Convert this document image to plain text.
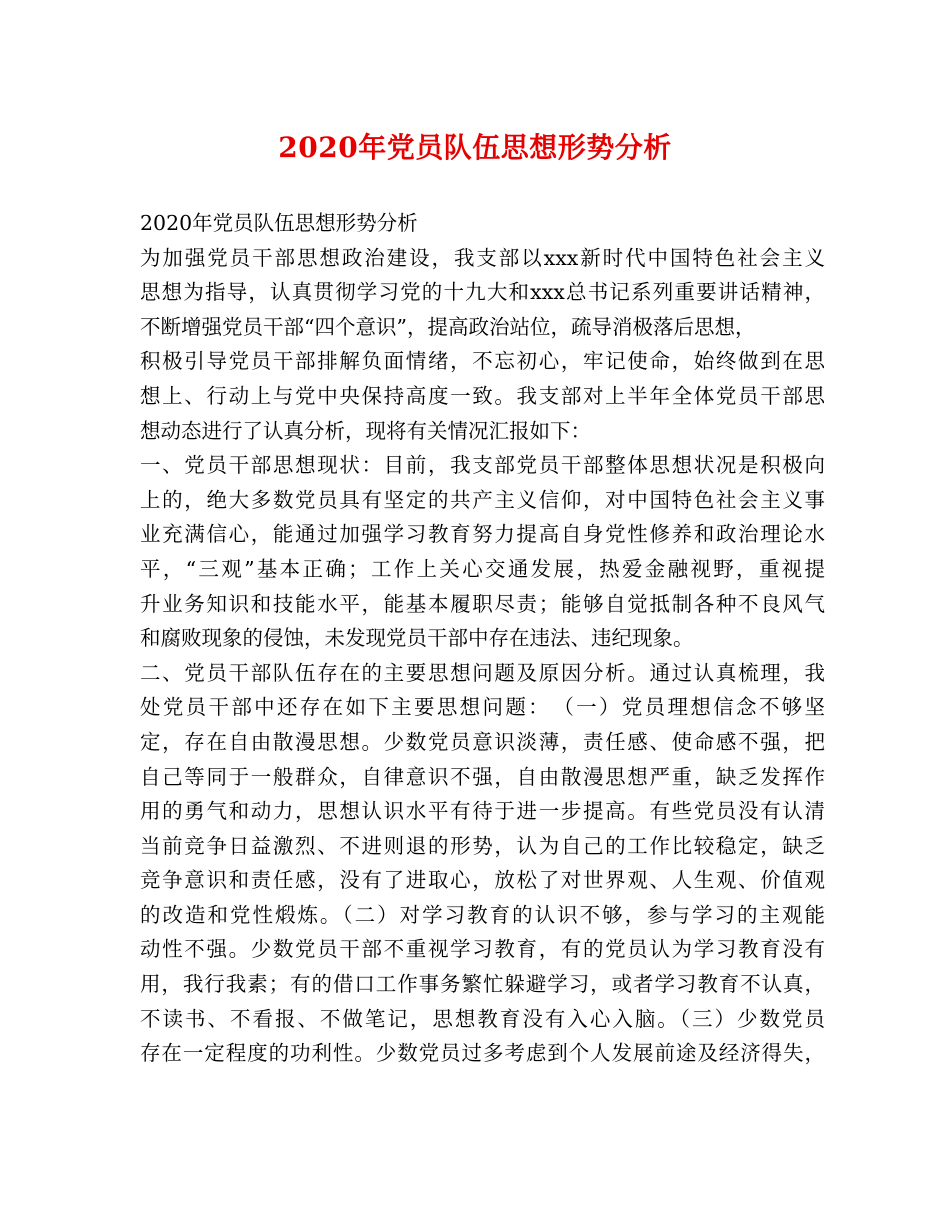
2020年党员队伍思想形势分析
2020年党员队伍思想形势分析
为加强党员干部思想政治建设，我支部以xxx新时代中国特色社会主义
思想为指导，认真贯彻学习党的十九大和xxx总书记系列重要讲话精神，
不断增强党员干部“四个意识”，提高政治站位，疏导消极落后思想，
积极引导党员干部排解负面情绪，不忘初心，牢记使命，始终做到在思
想上、行动上与党中央保持高度一致。我支部对上半年全体党员干部思
想动态进行了认真分析，现将有关情况汇报如下：
一、党员干部思想现状：目前，我支部党员干部整体思想状况是积极向
上的，绝大多数党员具有坚定的共产主义信仰，对中国特色社会主义事
业充满信心，能通过加强学习教育努力提高自身党性修养和政治理论水
平，“三观”基本正确；工作上关心交通发展，热爱金融视野，重视提
升业务知识和技能水平，能基本履职尽责；能够自觉抵制各种不良风气
和腐败现象的侵蚀，未发现党员干部中存在违法、违纪现象。
二、党员干部队伍存在的主要思想问题及原因分析。通过认真梳理，我
处党员干部中还存在如下主要思想问题：　（一）党员理想信念不够坚
定，存在自由散漫思想。少数党员意识淡薄，责任感、使命感不强，把
自己等同于一般群众，自律意识不强，自由散漫思想严重，缺乏发挥作
用的勇气和动力，思想认识水平有待于进一步提高。有些党员没有认清
当前竞争日益激烈、不进则退的形势，认为自己的工作比较稳定，缺乏
竞争意识和责任感，没有了进取心，放松了对世界观、人生观、价值观
的改造和党性煅炼。（二）对学习教育的认识不够，参与学习的主观能
动性不强。少数党员干部不重视学习教育，有的党员认为学习教育没有
用，我行我素；有的借口工作事务繁忙躲避学习，或者学习教育不认真，
不读书、不看报、不做笔记，思想教育没有入心入脑。（三）少数党员
存在一定程度的功利性。少数党员过多考虑到个人发展前途及经济得失，
